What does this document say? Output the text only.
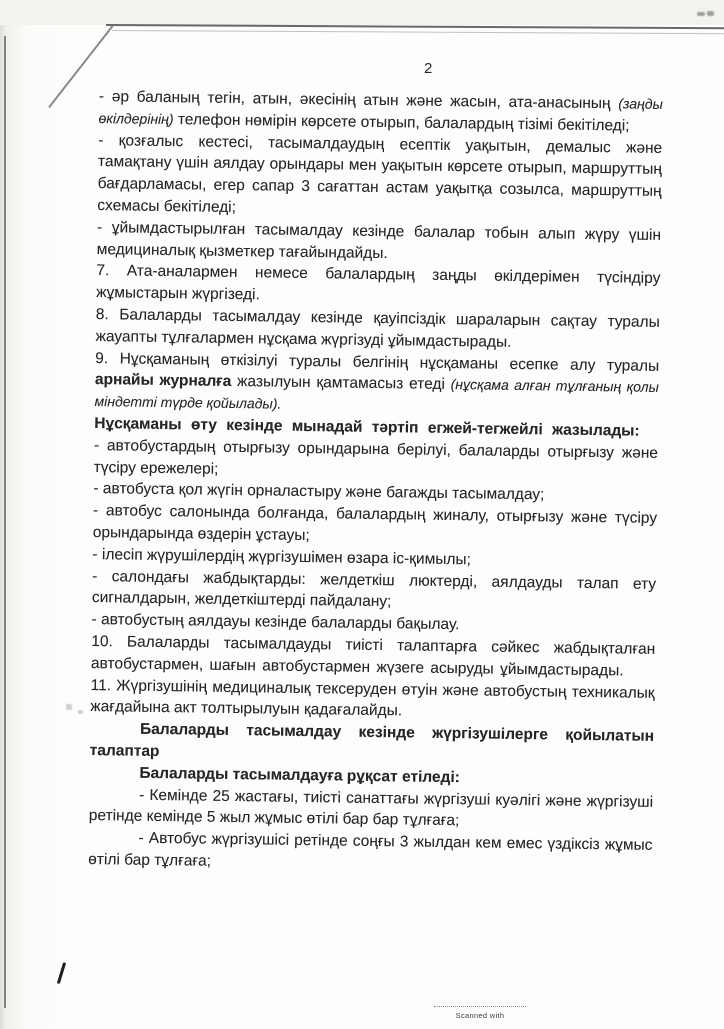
2

- әр баланың тегін, атын, әкесінің атын және жасын, ата-анасының (заңды өкілдерінің) телефон нөмірін көрсете отырып, балалардың тізімі бекітіледі;

- қозғалыс кестесі, тасымалдаудың есептік уақытын, демалыс және тамақтану үшін аялдау орындары мен уақытын көрсете отырып, маршруттың бағдарламасы, егер сапар 3 сағаттан астам уақытқа созылса, маршруттың схемасы бекітіледі;

- ұйымдастырылған тасымалдау кезінде балалар тобын алып жүру үшін медициналық қызметкер тағайындайды.

7. Ата-аналармен немесе балалардың заңды өкілдерімен түсіндіру жұмыстарын жүргізеді.

8. Балаларды тасымалдау кезінде қауіпсіздік шараларын сақтау туралы жауапты тұлғалармен нұсқама жүргізуді ұйымдастырады.

9. Нұсқаманың өткізілуі туралы белгінің нұсқаманы есепке алу туралы арнайы журналға жазылуын қамтамасыз етеді (нұсқама алған тұлғаның қолы міндетті түрде қойылады).

Нұсқаманы өту кезінде мынадай тәртіп егжей-тегжейлі жазылады:

- автобустардың отырғызу орындарына берілуі, балаларды отырғызу және түсіру ережелері;

- автобуста қол жүгін орналастыру және багажды тасымалдау;

- автобус салонында болғанда, балалардың жиналу, отырғызу және түсіру орындарында өздерін ұстауы;

- ілесіп жүрушілердің жүргізушімен өзара іс-қимылы;

- салондағы жабдықтарды: желдеткіш люктерді, аялдауды талап ету сигналдарын, желдеткіштерді пайдалану;

- автобустың аялдауы кезінде балаларды бақылау.

10. Балаларды тасымалдауды тиісті талаптарға сәйкес жабдықталған автобустармен, шағын автобустармен жүзеге асыруды ұйымдастырады.

11. Жүргізушінің медициналық тексеруден өтуін және автобустың техникалық жағдайына акт толтырылуын қадағалайды.

Балаларды тасымалдау кезінде жүргізушілерге қойылатын талаптар

Балаларды тасымалдауға рұқсат етіледі:

- Кемінде 25 жастағы, тиісті санаттағы жүргізуші куәлігі және жүргізуші ретінде кемінде 5 жыл жұмыс өтілі бар бар тұлғаға;

- Автобус жүргізушісі ретінде соңғы 3 жылдан кем емес үздіксіз жұмыс өтілі бар тұлғаға;

Scanned with
